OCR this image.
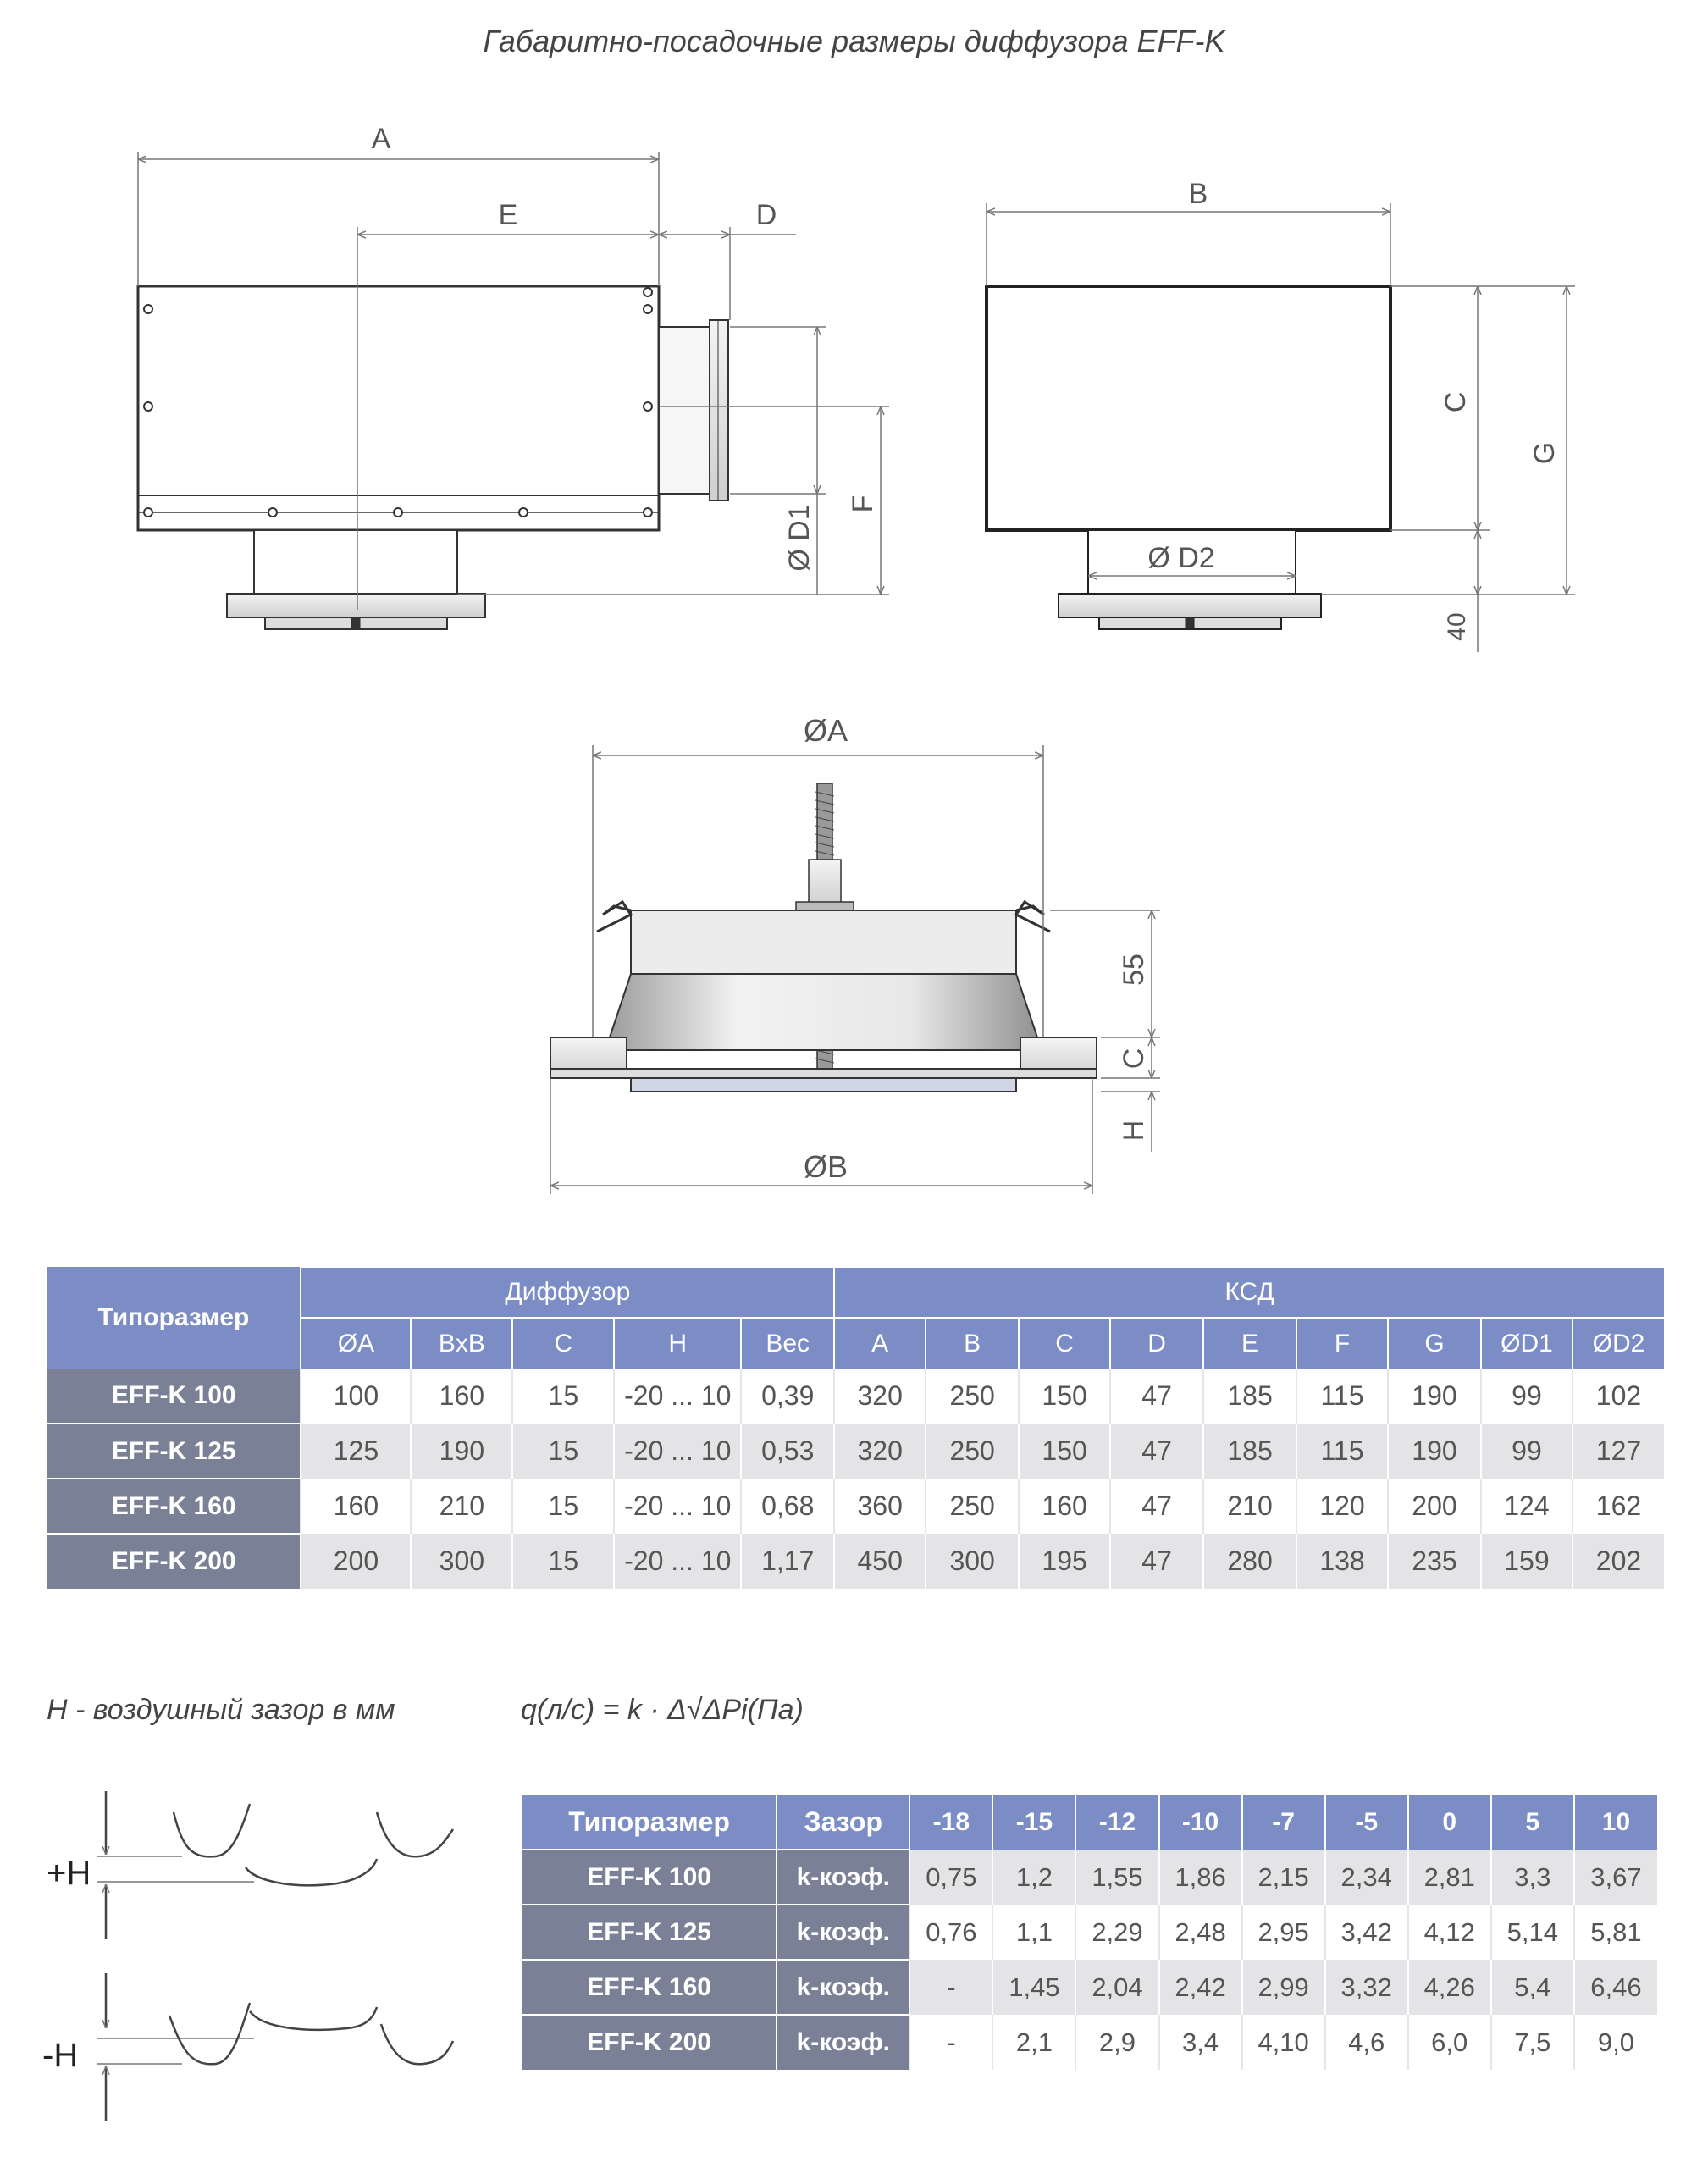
Габаритно-посадочные размеры диффузора EFF-K
A
E	D
Ø D1
F
B
C
G
Ø D2
40
ØA
ØB
55
C
H
+H
-H
Типоразмер	Диффузор					КСД								
	ØA	BxB	C	H	Вес	A	B	C	D	E	F	G	ØD1	ØD2
EFF-K 100	100	160	15	-20 ... 10	0,39	320	250	150	47	185	115	190	99	102
EFF-K 125	125	190	15	-20 ... 10	0,53	320	250	150	47	185	115	190	99	127
EFF-K 160	160	210	15	-20 ... 10	0,68	360	250	160	47	210	120	200	124	162
EFF-K 200	200	300	15	-20 ... 10	1,17	450	300	195	47	280	138	235	159	202
H - воздушный зазор в мм	q(л/с) = k · Δ√ΔPi(Па)
Типоразмер	Зазор	-18	-15	-12	-10	-7	-5	0	5	10
EFF-K 100	k-коэф.	0,75	1,2	1,55	1,86	2,15	2,34	2,81	3,3	3,67
EFF-K 125	k-коэф.	0,76	1,1	2,29	2,48	2,95	3,42	4,12	5,14	5,81
EFF-K 160	k-коэф.	-	1,45	2,04	2,42	2,99	3,32	4,26	5,4	6,46
EFF-K 200	k-коэф.	-	2,1	2,9	3,4	4,10	4,6	6,0	7,5	9,0
